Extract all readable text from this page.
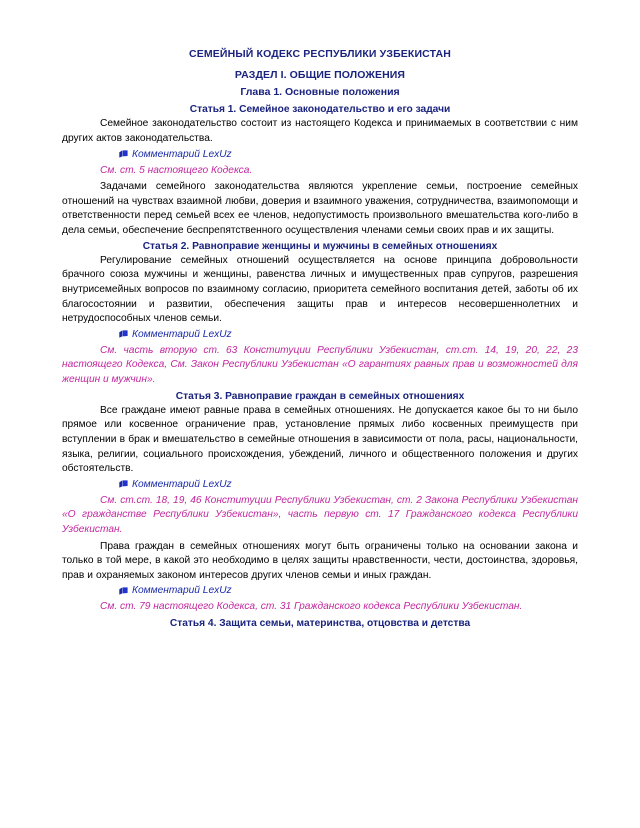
СЕМЕЙНЫЙ КОДЕКС РЕСПУБЛИКИ УЗБЕКИСТАН
РАЗДЕЛ I. ОБЩИЕ ПОЛОЖЕНИЯ
Глава 1. Основные положения
Статья 1. Семейное законодательство и его задачи

Семейное законодательство состоит из настоящего Кодекса и принимаемых в соответствии с ним других актов законодательства.

Комментарий LexUz

См. ст. 5 настоящего Кодекса.

Задачами семейного законодательства являются укрепление семьи, построение семейных отношений на чувствах взаимной любви, доверия и взаимного уважения, сотрудничества, взаимопомощи и ответственности перед семьей всех ее членов, недопустимость произвольного вмешательства кого-либо в дела семьи, обеспечение беспрепятственного осуществления членами семьи своих прав и их защиты.

Статья 2. Равноправие женщины и мужчины в семейных отношениях

Регулирование семейных отношений осуществляется на основе принципа добровольности брачного союза мужчины и женщины, равенства личных и имущественных прав супругов, разрешения внутрисемейных вопросов по взаимному согласию, приоритета семейного воспитания детей, заботы об их благосостоянии и развитии, обеспечения защиты прав и интересов несовершеннолетних и нетрудоспособных членов семьи.

Комментарий LexUz

См. часть вторую ст. 63 Конституции Республики Узбекистан, ст.ст. 14, 19, 20, 22, 23 настоящего Кодекса, См. Закон Республики Узбекистан «О гарантиях равных прав и возможностей для женщин и мужчин».

Статья 3. Равноправие граждан в семейных отношениях

Все граждане имеют равные права в семейных отношениях. Не допускается какое бы то ни было прямое или косвенное ограничение прав, установление прямых либо косвенных преимуществ при вступлении в брак и вмешательство в семейные отношения в зависимости от пола, расы, национальности, языка, религии, социального происхождения, убеждений, личного и общественного положения и других обстоятельств.

Комментарий LexUz

См. ст.ст. 18, 19, 46 Конституции Республики Узбекистан, ст. 2 Закона Республики Узбекистан «О гражданстве Республики Узбекистан», часть первую ст. 17 Гражданского кодекса Республики Узбекистан.

Права граждан в семейных отношениях могут быть ограничены только на основании закона и только в той мере, в какой это необходимо в целях защиты нравственности, чести, достоинства, здоровья, прав и охраняемых законом интересов других членов семьи и иных граждан.

Комментарий LexUz

См. ст. 79 настоящего Кодекса, ст. 31 Гражданского кодекса Республики Узбекистан.

Статья 4. Защита семьи, материнства, отцовства и детства
